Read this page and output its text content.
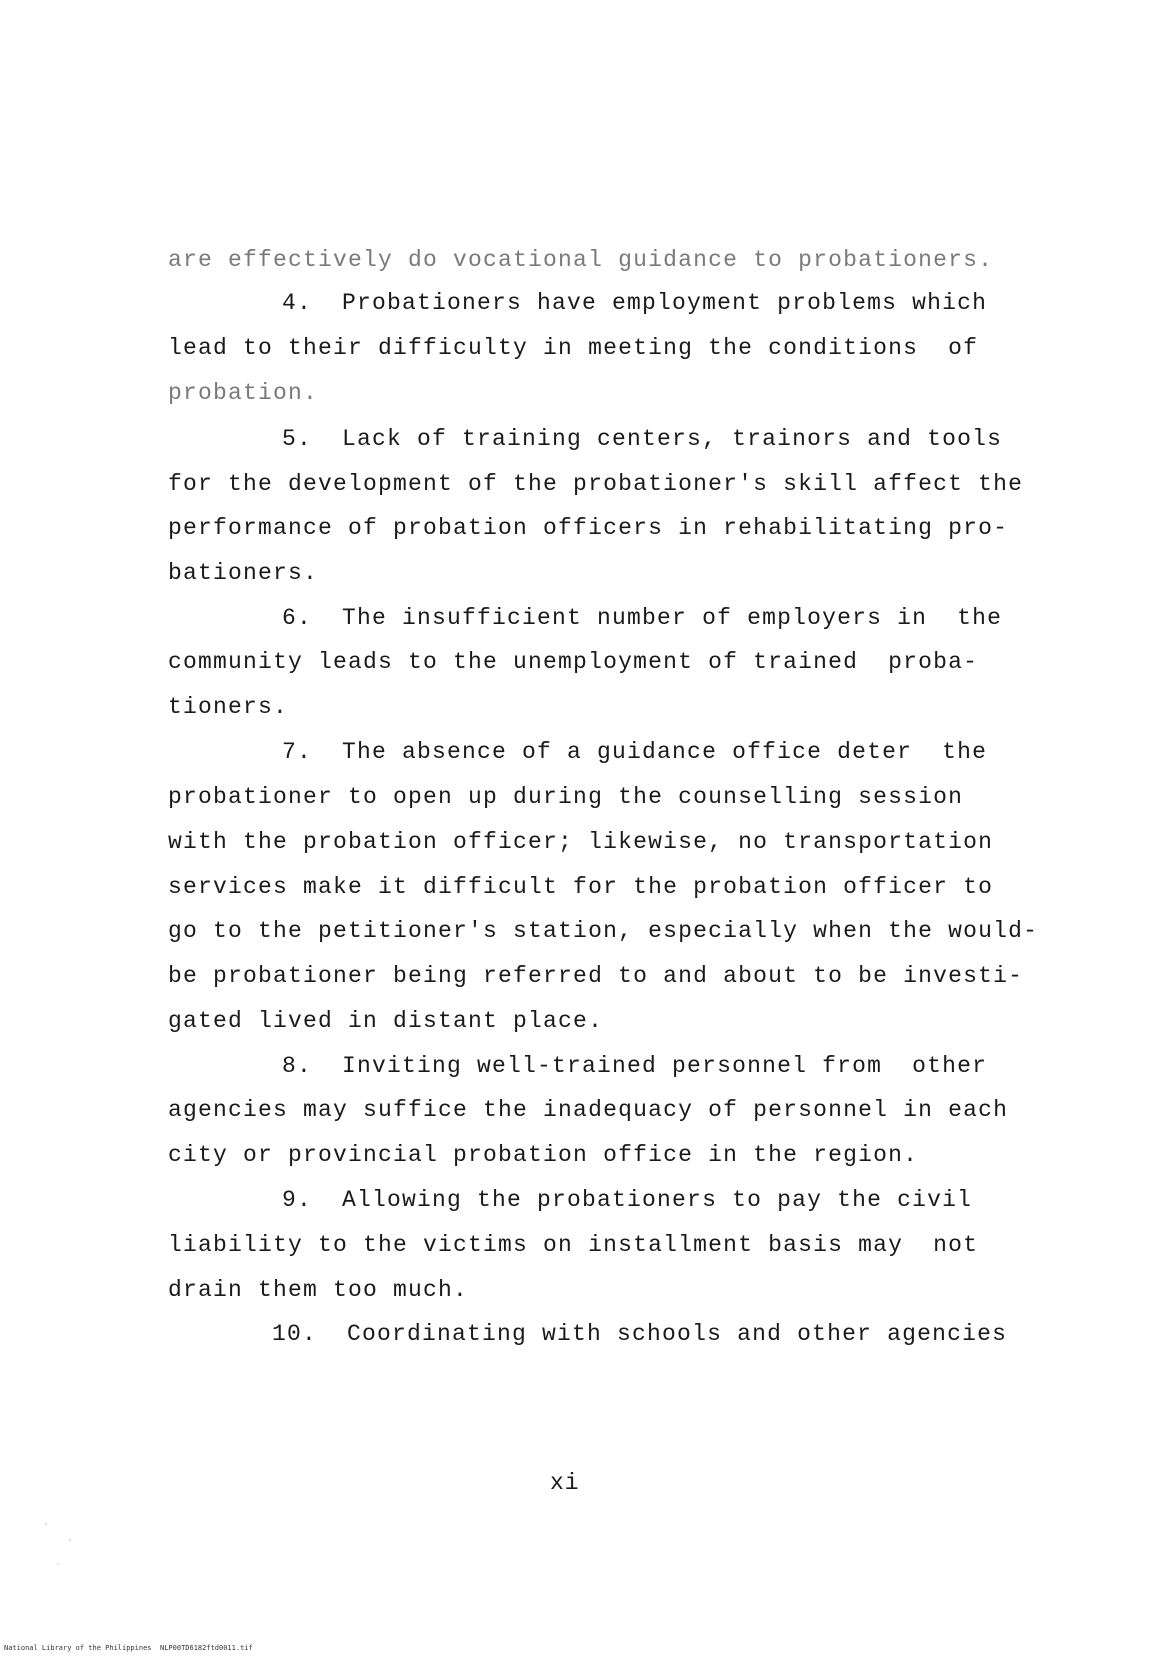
are effectively do vocational guidance to probationers.
4.  Probationers have employment problems which
lead to their difficulty in meeting the conditions  of
probation.
5.  Lack of training centers, trainors and tools
for the development of the probationer's skill affect the
performance of probation officers in rehabilitating pro-
bationers.
6.  The insufficient number of employers in  the
community leads to the unemployment of trained  proba-
tioners.
7.  The absence of a guidance office deter  the
probationer to open up during the counselling session
with the probation officer; likewise, no transportation
services make it difficult for the probation officer to
go to the petitioner's station, especially when the would-
be probationer being referred to and about to be investi-
gated lived in distant place.
8.  Inviting well-trained personnel from  other
agencies may suffice the inadequacy of personnel in each
city or provincial probation office in the region.
9.  Allowing the probationers to pay the civil
liability to the victims on installment basis may  not
drain them too much.
10.  Coordinating with schools and other agencies
xi
National Library of the Philippines NLP00TD6182ftd0011.tif
